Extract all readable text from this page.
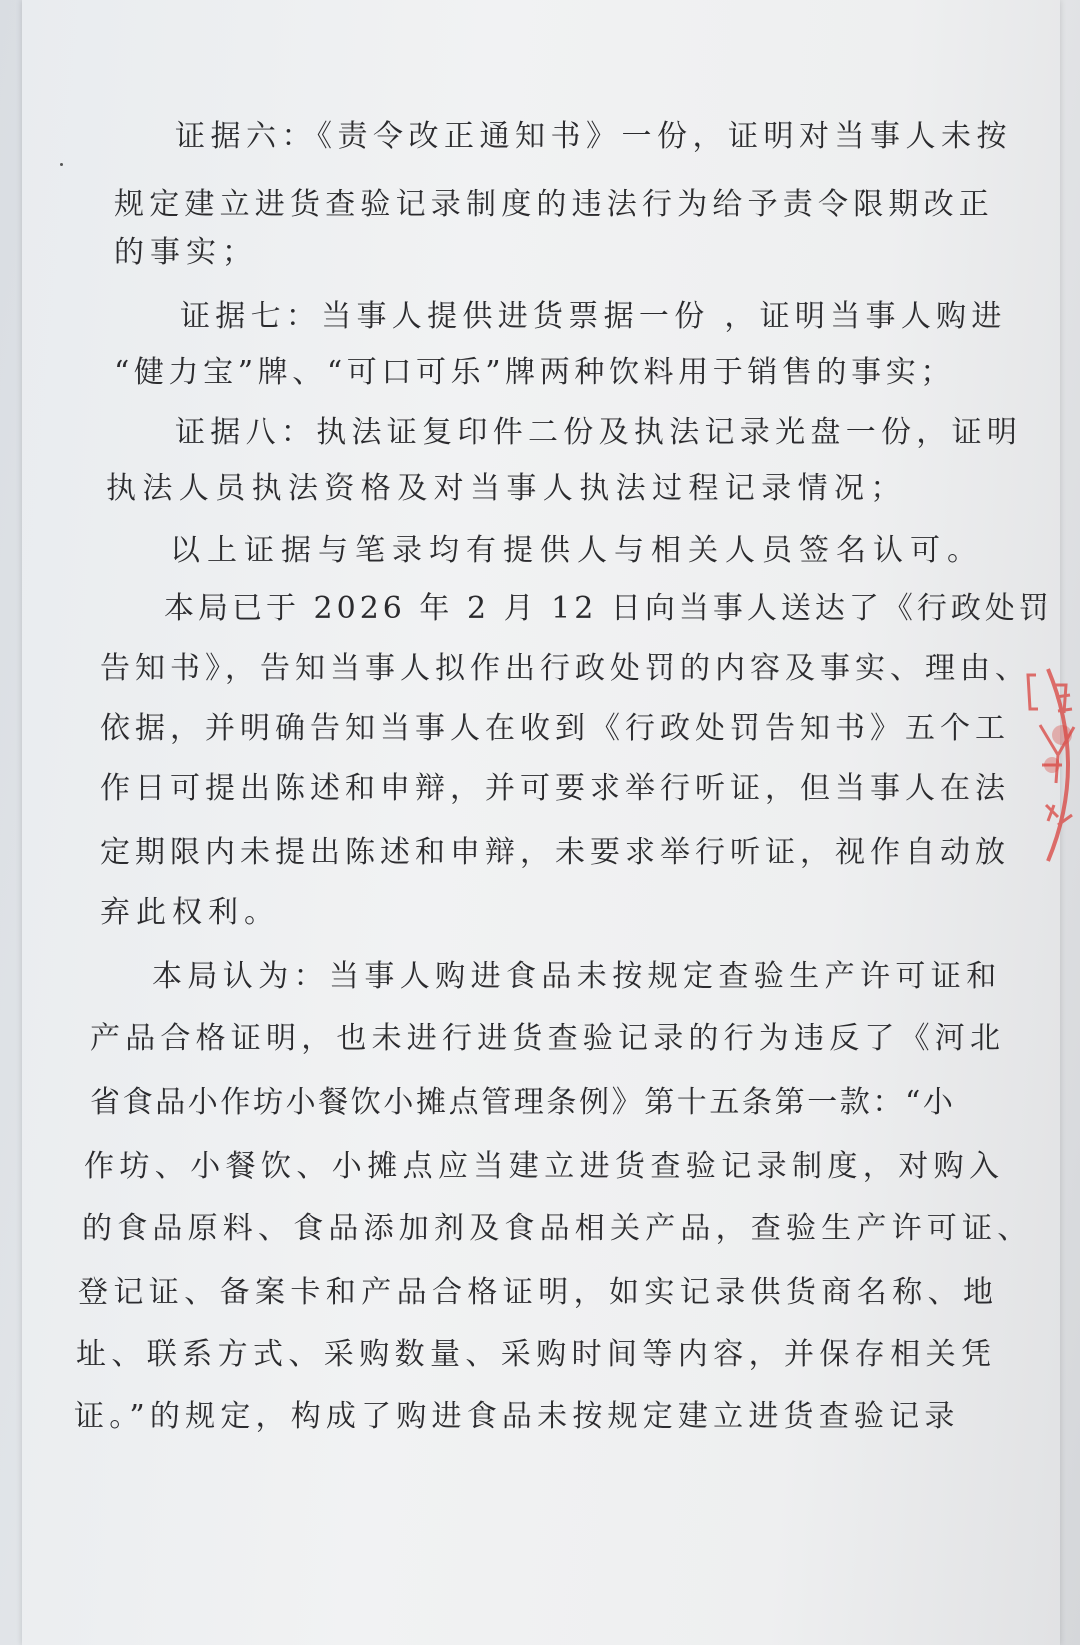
证据六：《责令改正通知书》一份，证明对当事人未按
规定建立进货查验记录制度的违法行为给予责令限期改正
的事实；
证据七：当事人提供进货票据一份 ，证明当事人购进
“健力宝”牌、“可口可乐”牌两种饮料用于销售的事实；
证据八：执法证复印件二份及执法记录光盘一份，证明
执法人员执法资格及对当事人执法过程记录情况；
以上证据与笔录均有提供人与相关人员签名认可。
本局已于 2026 年 2 月 12 日向当事人送达了《行政处罚
告知书》，告知当事人拟作出行政处罚的内容及事实、理由、
依据，并明确告知当事人在收到《行政处罚告知书》五个工
作日可提出陈述和申辩，并可要求举行听证，但当事人在法
定期限内未提出陈述和申辩，未要求举行听证，视作自动放
弃此权利。
本局认为：当事人购进食品未按规定查验生产许可证和
产品合格证明，也未进行进货查验记录的行为违反了《河北
省食品小作坊小餐饮小摊点管理条例》第十五条第一款：“小
作坊、小餐饮、小摊点应当建立进货查验记录制度，对购入
的食品原料、食品添加剂及食品相关产品，查验生产许可证、
登记证、备案卡和产品合格证明，如实记录供货商名称、地
址、联系方式、采购数量、采购时间等内容，并保存相关凭
证。”的规定，构成了购进食品未按规定建立进货查验记录
